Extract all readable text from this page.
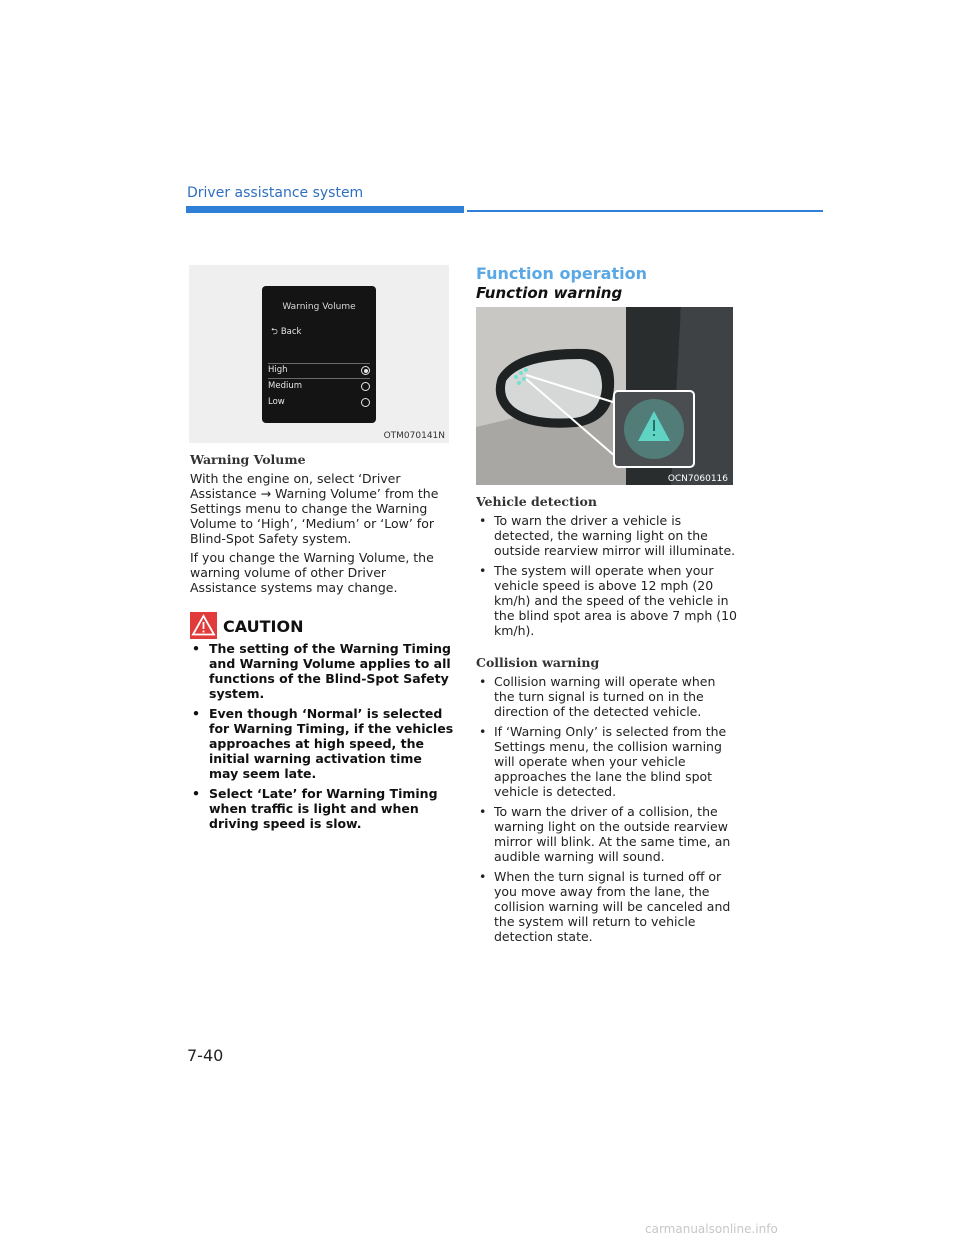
Driver assistance system
Warning Volume
⮌ Back
High
Medium
Low
OTM070141N
Warning Volume

With the engine on, select ‘Driver Assistance → Warning Volume’ from the Settings menu to change the Warning Volume to ‘High’, ‘Medium’ or ‘Low’ for Blind-Spot Safety system.

If you change the Warning Volume, the warning volume of other Driver Assistance systems may change.

CAUTION
• The setting of the Warning Timing and Warning Volume applies to all functions of the Blind-Spot Safety system.
• Even though ‘Normal’ is selected for Warning Timing, if the vehicles approaches at high speed, the initial warning activation time may seem late.
• Select ‘Late’ for Warning Timing when traffic is light and when driving speed is slow.
Function operation
Function warning
OCN7060116
Vehicle detection
• To warn the driver a vehicle is detected, the warning light on the outside rearview mirror will illuminate.
• The system will operate when your vehicle speed is above 12 mph (20 km/h) and the speed of the vehicle in the blind spot area is above 7 mph (10 km/h).
Collision warning
• Collision warning will operate when the turn signal is turned on in the direction of the detected vehicle.
• If ‘Warning Only’ is selected from the Settings menu, the collision warning will operate when your vehicle approaches the lane the blind spot vehicle is detected.
• To warn the driver of a collision, the warning light on the outside rearview mirror will blink. At the same time, an audible warning will sound.
• When the turn signal is turned off or you move away from the lane, the collision warning will be canceled and the system will return to vehicle detection state.
7-40
carmanualsonline.info
